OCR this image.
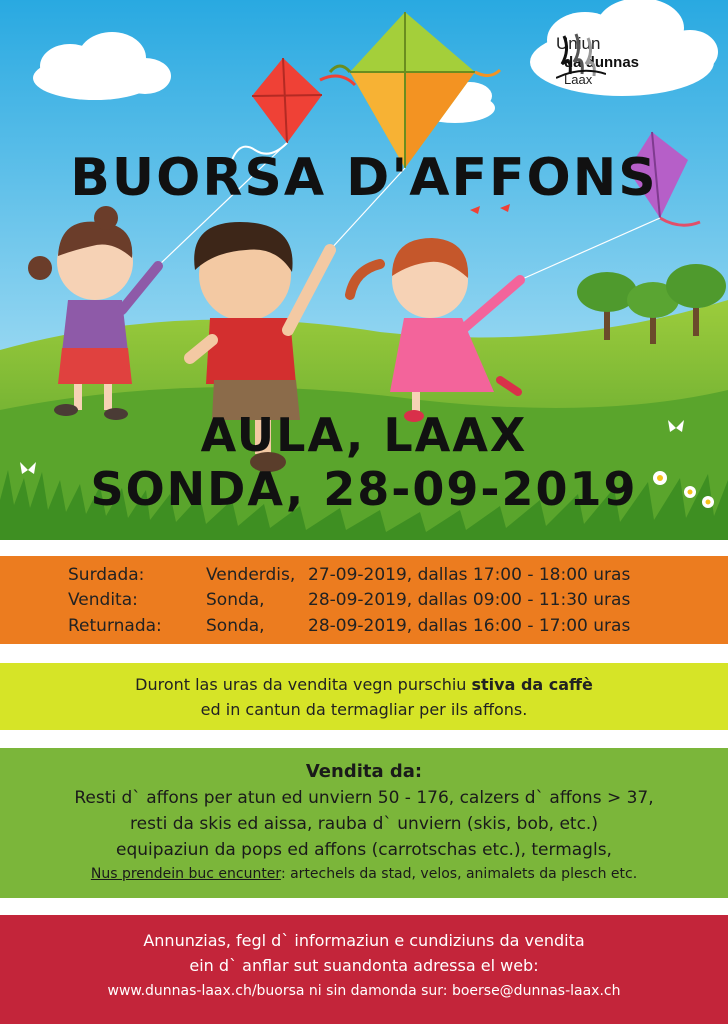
Uniun
da dunnas
Laax
BUORSA D'AFFONS
AULA, LAAX
SONDA, 28-09-2019
Surdada:	Venderdis, 27-09-2019, dallas 17:00 - 18:00 uras
Vendita:	Sonda,	28-09-2019, dallas 09:00 - 11:30 uras
Returnada:	Sonda,	28-09-2019, dallas 16:00 - 17:00 uras
Duront las uras da vendita vegn purschiu stiva da caffè
ed in cantun da termagliar per ils affons.
Vendita da:
Resti d` affons per atun ed unviern 50 - 176, calzers d` affons > 37,
resti da skis ed aissa, rauba d` unviern (skis, bob, etc.)
equipaziun da pops ed affons (carrotschas etc.), termagls,
Nus prendein buc encunter: artechels da stad, velos, animalets da plesch etc.
Annunzias, fegl d` informaziun e cundiziuns da vendita
ein d` anflar sut suandonta adressa el web:
www.dunnas-laax.ch/buorsa ni sin damonda sur: boerse@dunnas-laax.ch
